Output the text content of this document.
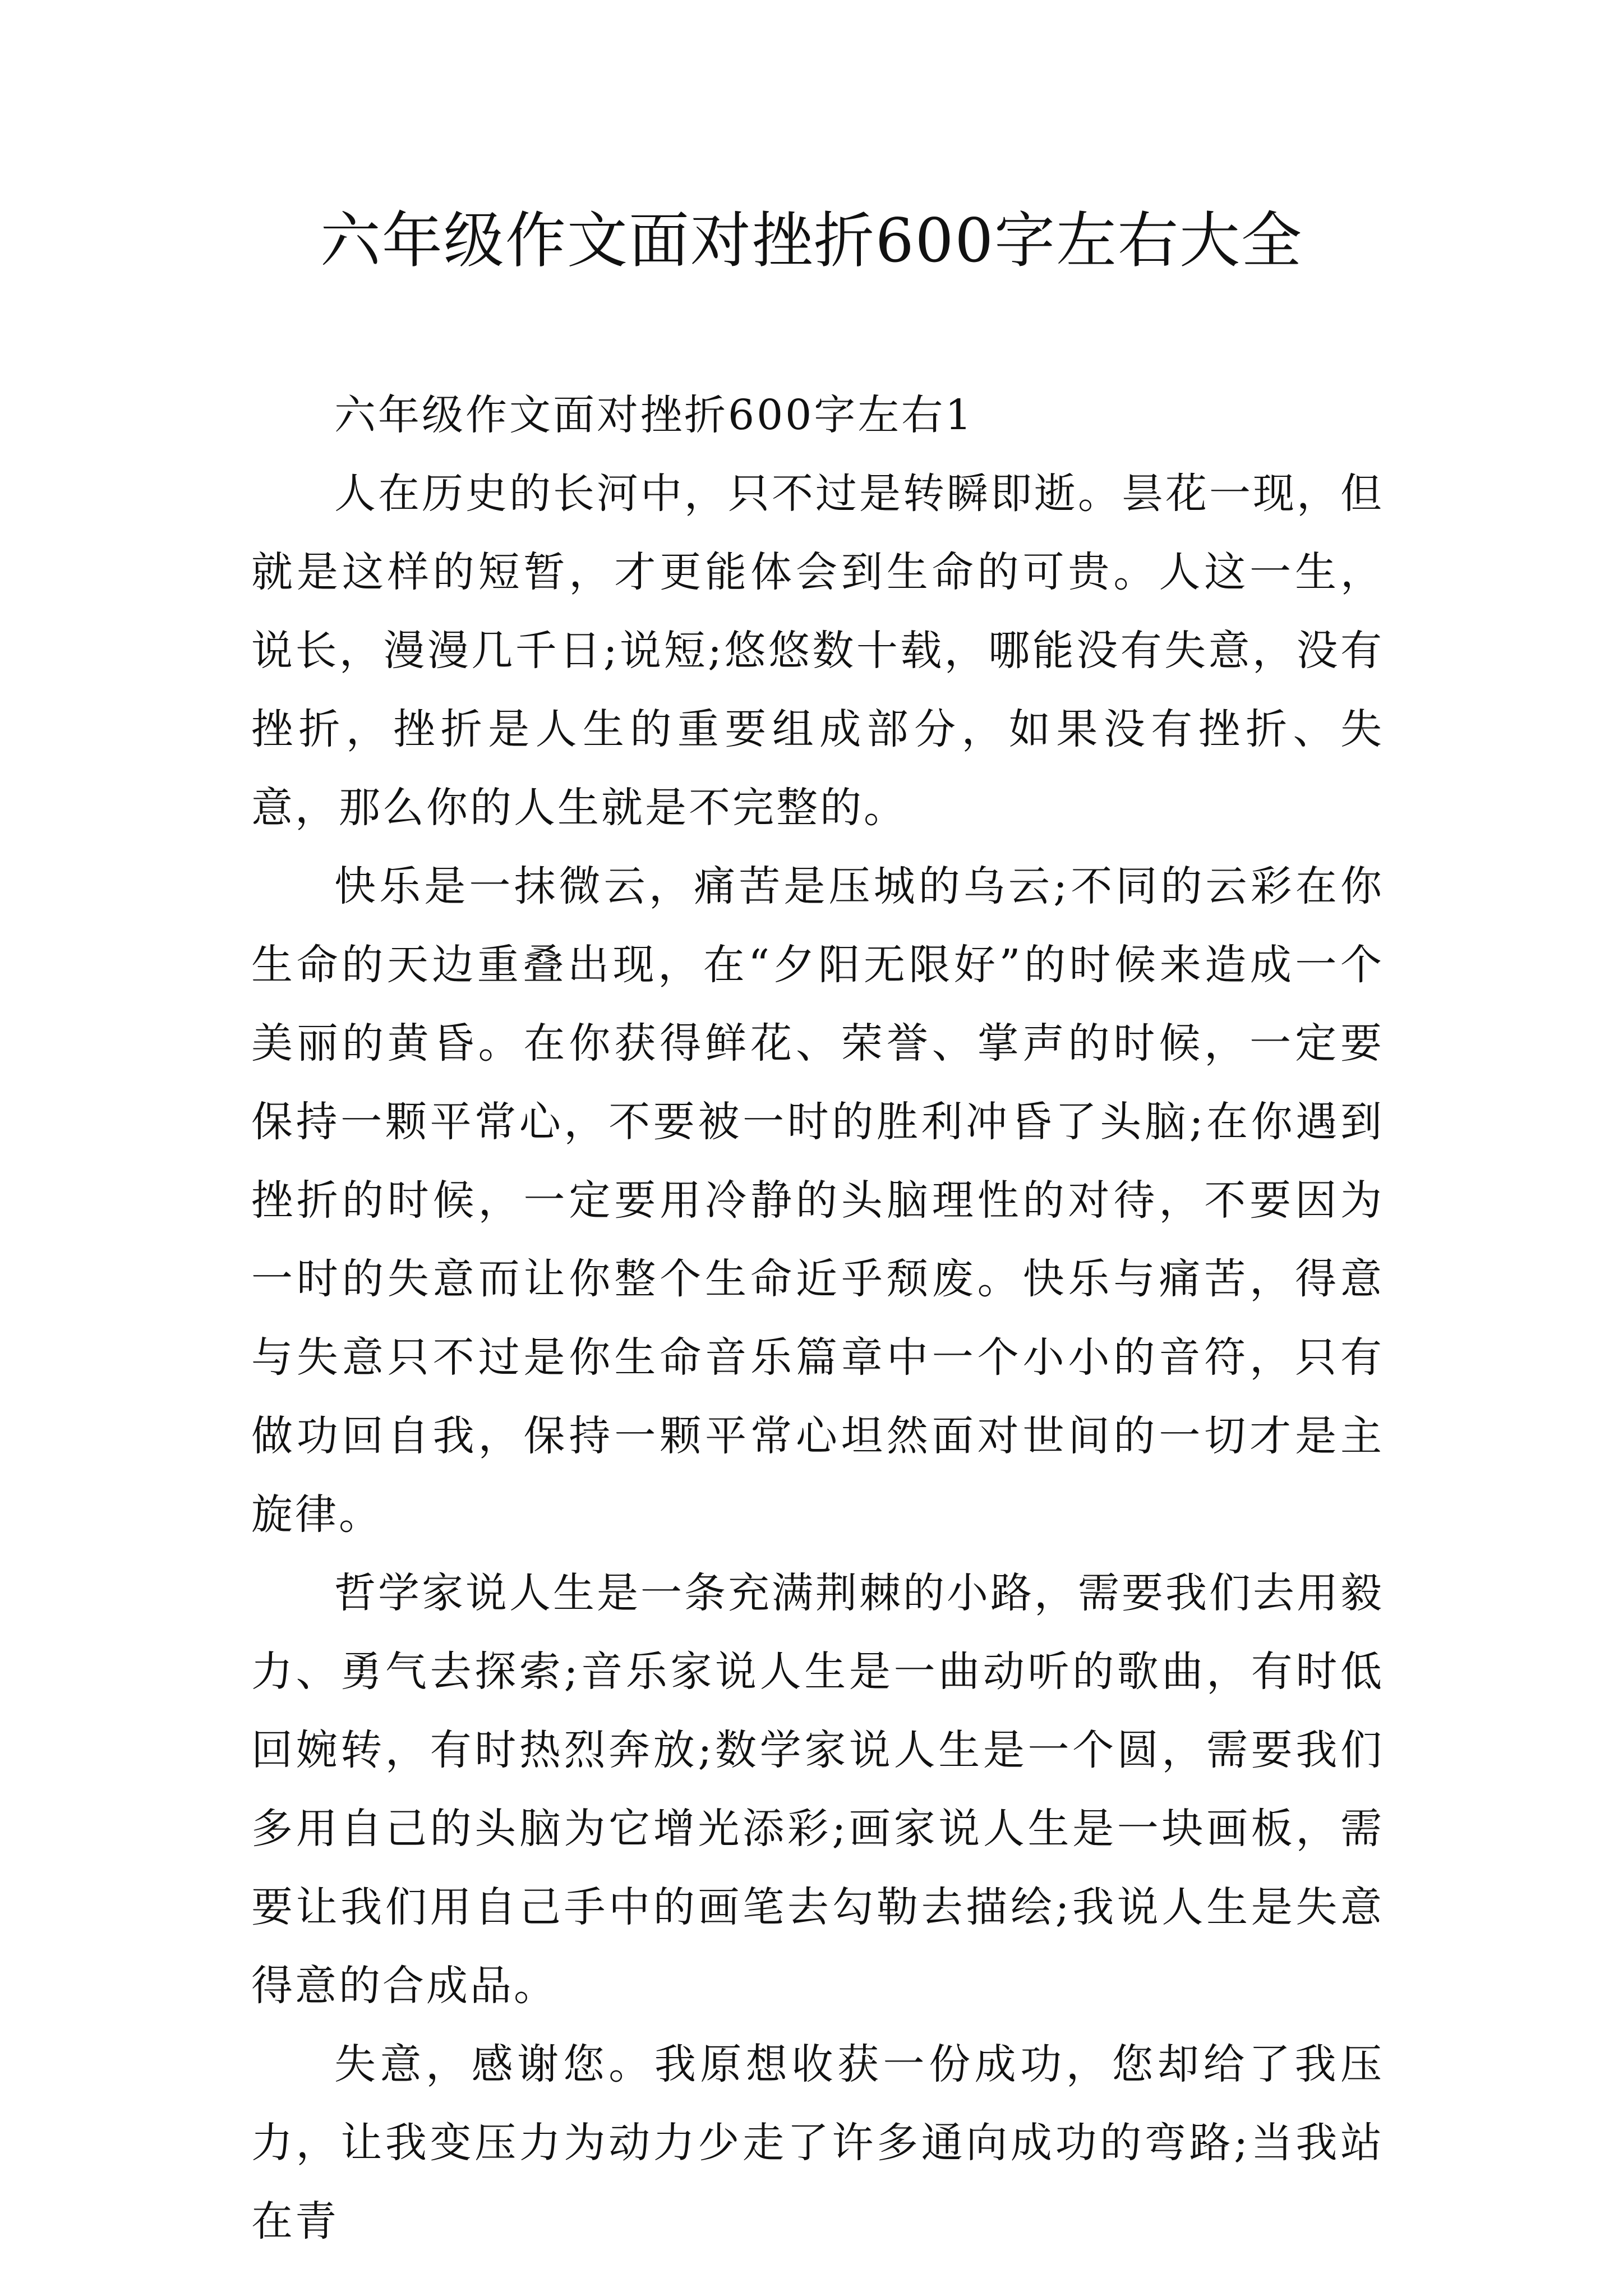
六年级作文面对挫折600字左右大全

六年级作文面对挫折600字左右1

人在历史的长河中，只不过是转瞬即逝。昙花一现，但就是这样的短暂，才更能体会到生命的可贵。人这一生，说长，漫漫几千日;说短;悠悠数十载，哪能没有失意，没有挫折，挫折是人生的重要组成部分，如果没有挫折、失意，那么你的人生就是不完整的。

快乐是一抹微云，痛苦是压城的乌云;不同的云彩在你生命的天边重叠出现，在“夕阳无限好”的时候来造成一个美丽的黄昏。在你获得鲜花、荣誉、掌声的时候，一定要保持一颗平常心，不要被一时的胜利冲昏了头脑;在你遇到挫折的时候，一定要用冷静的头脑理性的对待，不要因为一时的失意而让你整个生命近乎颓废。快乐与痛苦，得意与失意只不过是你生命音乐篇章中一个小小的音符，只有做功回自我，保持一颗平常心坦然面对世间的一切才是主旋律。

哲学家说人生是一条充满荆棘的小路，需要我们去用毅力、勇气去探索;音乐家说人生是一曲动听的歌曲，有时低回婉转，有时热烈奔放;数学家说人生是一个圆，需要我们多用自己的头脑为它增光添彩;画家说人生是一块画板，需要让我们用自己手中的画笔去勾勒去描绘;我说人生是失意得意的合成品。

失意，感谢您。我原想收获一份成功，您却给了我压力，让我变压力为动力少走了许多通向成功的弯路;当我站在青
